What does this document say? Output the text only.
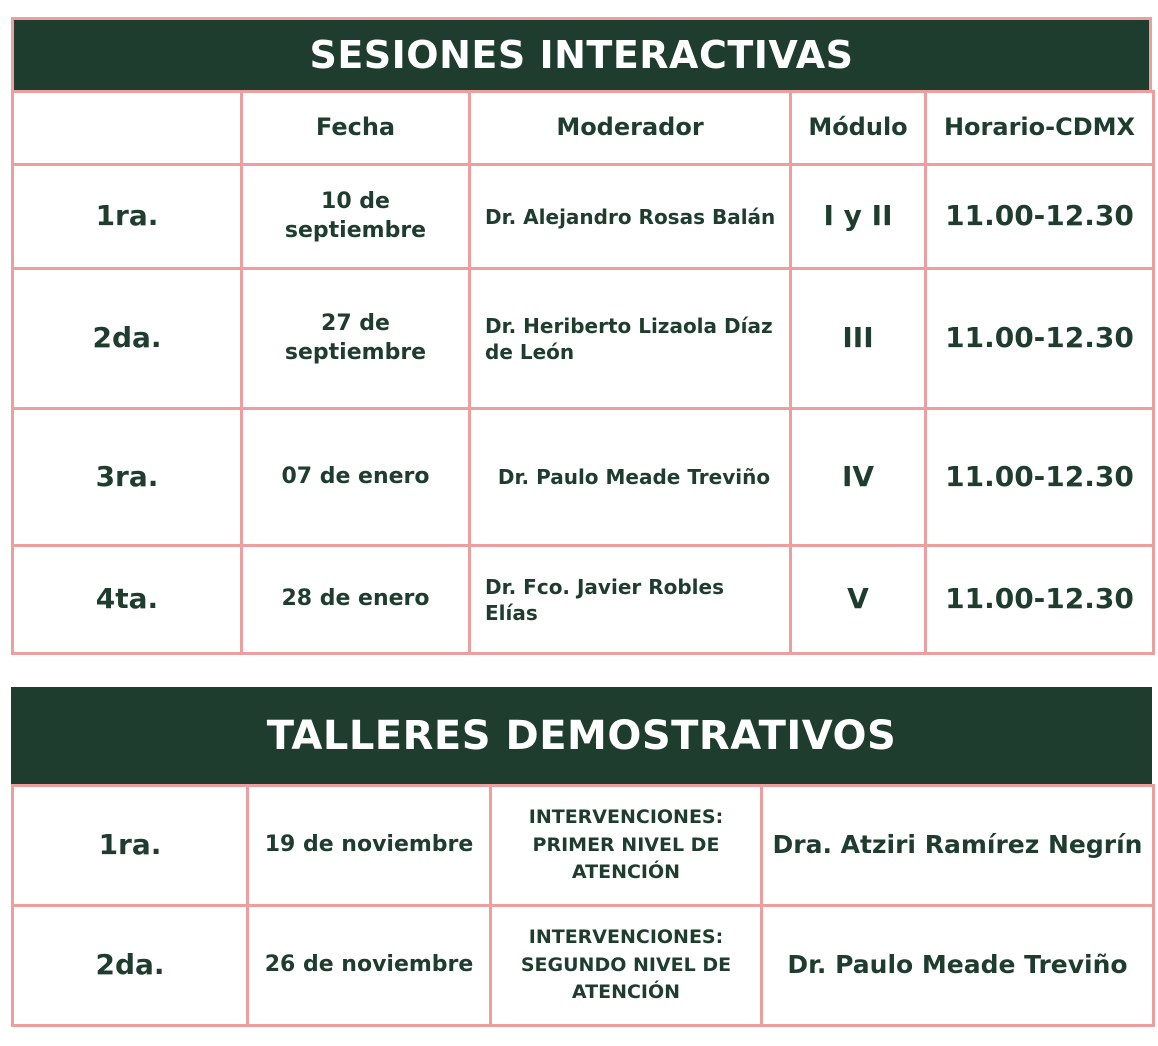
SESIONES INTERACTIVAS
	Fecha	Moderador	Módulo	Horario-CDMX
1ra.	10 de septiembre	Dr. Alejandro Rosas Balán	I y II	11.00-12.30
2da.	27 de septiembre	Dr. Heriberto Lizaola Díaz de León	III	11.00-12.30
3ra.	07 de enero	Dr. Paulo Meade Treviño	IV	11.00-12.30
4ta.	28 de enero	Dr. Fco. Javier Robles Elías	V	11.00-12.30
TALLERES DEMOSTRATIVOS
1ra.	19 de noviembre	INTERVENCIONES: PRIMER NIVEL DE ATENCIÓN	Dra. Atziri Ramírez Negrín
2da.	26 de noviembre	INTERVENCIONES: SEGUNDO NIVEL DE ATENCIÓN	Dr. Paulo Meade Treviño
